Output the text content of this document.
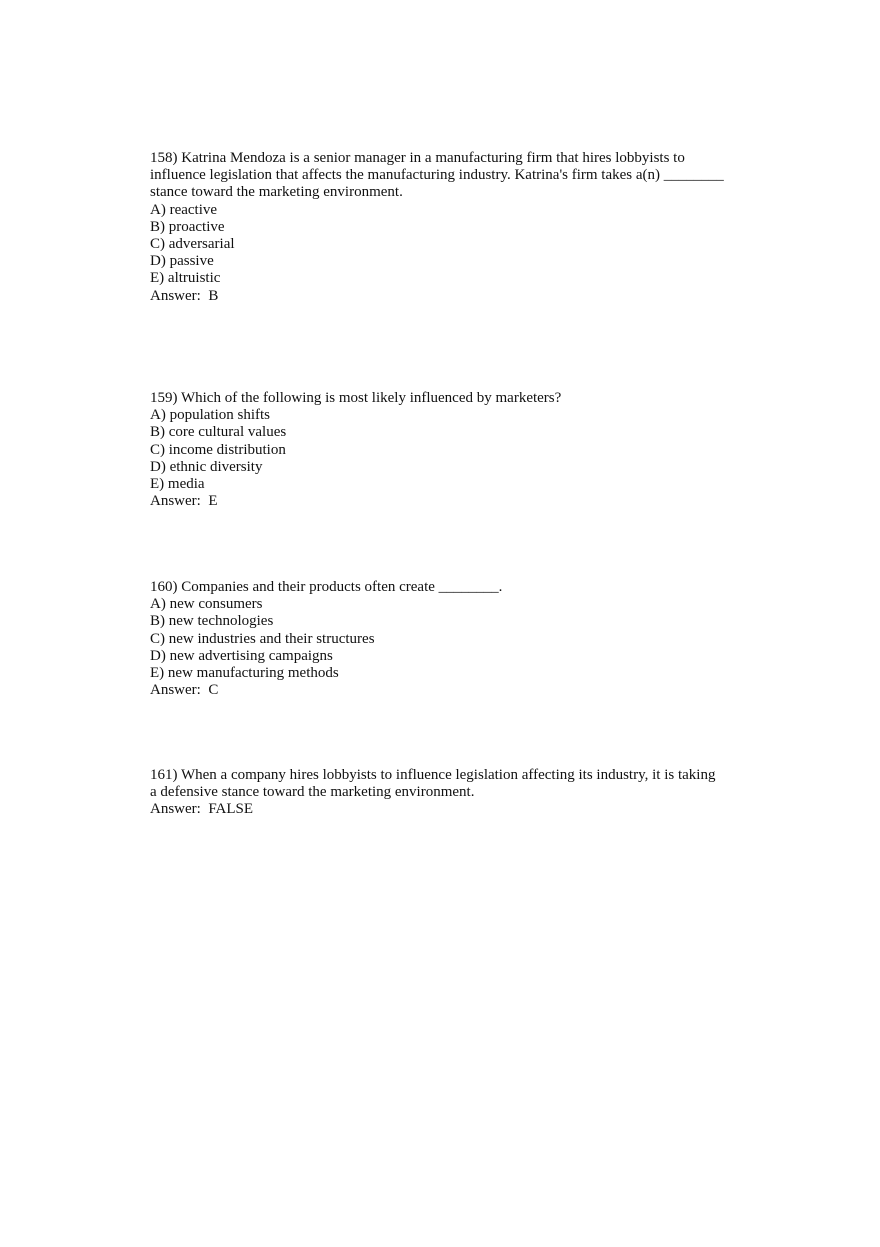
158) Katrina Mendoza is a senior manager in a manufacturing firm that hires lobbyists to
influence legislation that affects the manufacturing industry. Katrina's firm takes a(n) ________
stance toward the marketing environment.
A) reactive
B) proactive
C) adversarial
D) passive
E) altruistic
Answer:  B
159) Which of the following is most likely influenced by marketers?
A) population shifts
B) core cultural values
C) income distribution
D) ethnic diversity
E) media
Answer:  E
160) Companies and their products often create ________.
A) new consumers
B) new technologies
C) new industries and their structures
D) new advertising campaigns
E) new manufacturing methods
Answer:  C
161) When a company hires lobbyists to influence legislation affecting its industry, it is taking
a defensive stance toward the marketing environment.
Answer:  FALSE
